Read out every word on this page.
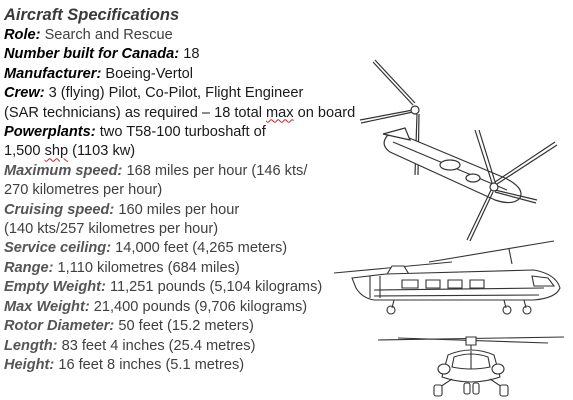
Aircraft Specifications
Role: Search and Rescue
Number built for Canada: 18
Manufacturer: Boeing-Vertol
Crew: 3 (flying) Pilot, Co-Pilot, Flight Engineer
(SAR technicians) as required – 18 total max on board
Powerplants: two T58-100 turboshaft of
1,500 shp (1103 kw)
Maximum speed: 168 miles per hour (146 kts/
270 kilometres per hour)
Cruising speed: 160 miles per hour
(140 kts/257 kilometres per hour)
Service ceiling: 14,000 feet (4,265 meters)
Range: 1,110 kilometres (684 miles)
Empty Weight: 11,251 pounds (5,104 kilograms)
Max Weight: 21,400 pounds (9,706 kilograms)
Rotor Diameter: 50 feet (15.2 meters)
Length: 83 feet 4 inches (25.4 metres)
Height: 16 feet 8 inches (5.1 metres)
